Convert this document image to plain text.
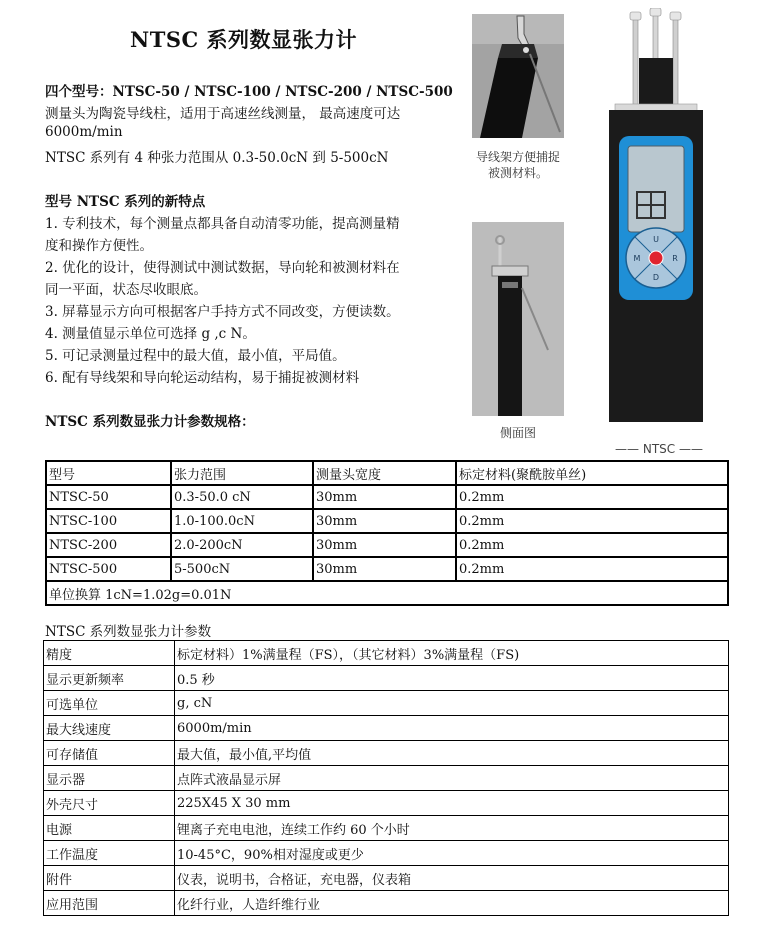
NTSC 系列数显张力计
四个型号：NTSC-50 / NTSC-100 / NTSC-200 / NTSC-500
测量头为陶瓷导线柱，适用于高速丝线测量， 最高速度可达
6000m/min
NTSC 系列有 4 种张力范围从 0.3-50.0cN 到 5-500cN
型号 NTSC 系列的新特点
1. 专利技术，每个测量点都具备自动清零功能，提高测量精
度和操作方便性。
2. 优化的设计，使得测试中测试数据，导向轮和被测材料在
同一平面，状态尽收眼底。
3. 屏幕显示方向可根据客户手持方式不同改变，方便读数。
4. 测量值显示单位可选择 g ,c N。
5. 可记录测量过程中的最大值，最小值，平局值。
6. 配有导线架和导向轮运动结构，易于捕捉被测材料
NTSC 系列数显张力计参数规格：
导线架方便捕捉
被测材料。
侧面图
U
D
M	R
—— NTSC ——
型号	张力范围	测量头宽度	标定材料(聚酰胺单丝)
NTSC-50	0.3-50.0 cN	30mm	0.2mm
NTSC-100	1.0-100.0cN	30mm	0.2mm
NTSC-200	2.0-200cN	30mm	0.2mm
NTSC-500	5-500cN	30mm	0.2mm
单位换算 1cN=1.02g=0.01N			
NTSC 系列数显张力计参数
精度	标定材料）1%满量程（FS），（其它材料）3%满量程（FS)
显示更新频率	0.5 秒
可选单位	g, cN
最大线速度	6000m/min
可存储值	最大值，最小值,平均值
显示器	点阵式液晶显示屏
外壳尺寸	225X45 X 30 mm
电源	锂离子充电电池，连续工作约 60 个小时
工作温度	10-45°C，90%相对湿度或更少
附件	仪表，说明书，合格证，充电器，仪表箱
应用范围	化纤行业，人造纤维行业
